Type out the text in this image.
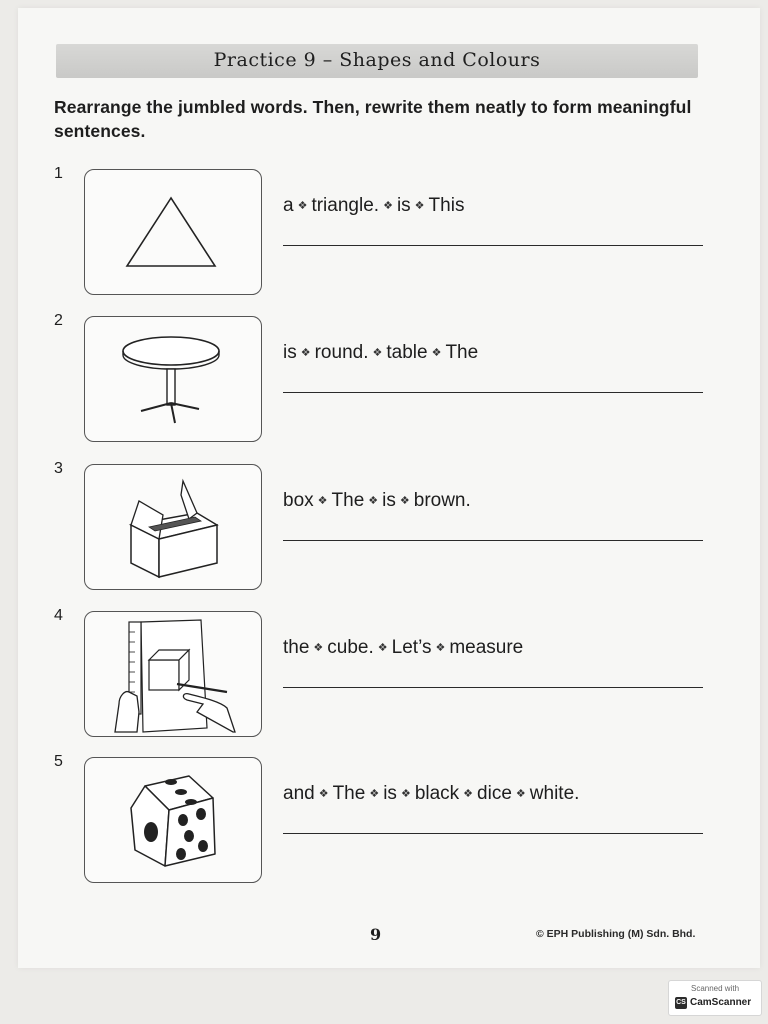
Practice 9 – Shapes and Colours
Rearrange the jumbled words. Then, rewrite them neatly to form meaningful sentences.
1
a ❖ triangle. ❖ is ❖ This
2
is ❖ round. ❖ table ❖ The
3
box ❖ The ❖ is ❖ brown.
4
the ❖ cube. ❖ Let’s ❖ measure
5
and ❖ The ❖ is ❖ black ❖ dice ❖ white.
9	© EPH Publishing (M) Sdn. Bhd.
Scanned with
CS CamScanner
